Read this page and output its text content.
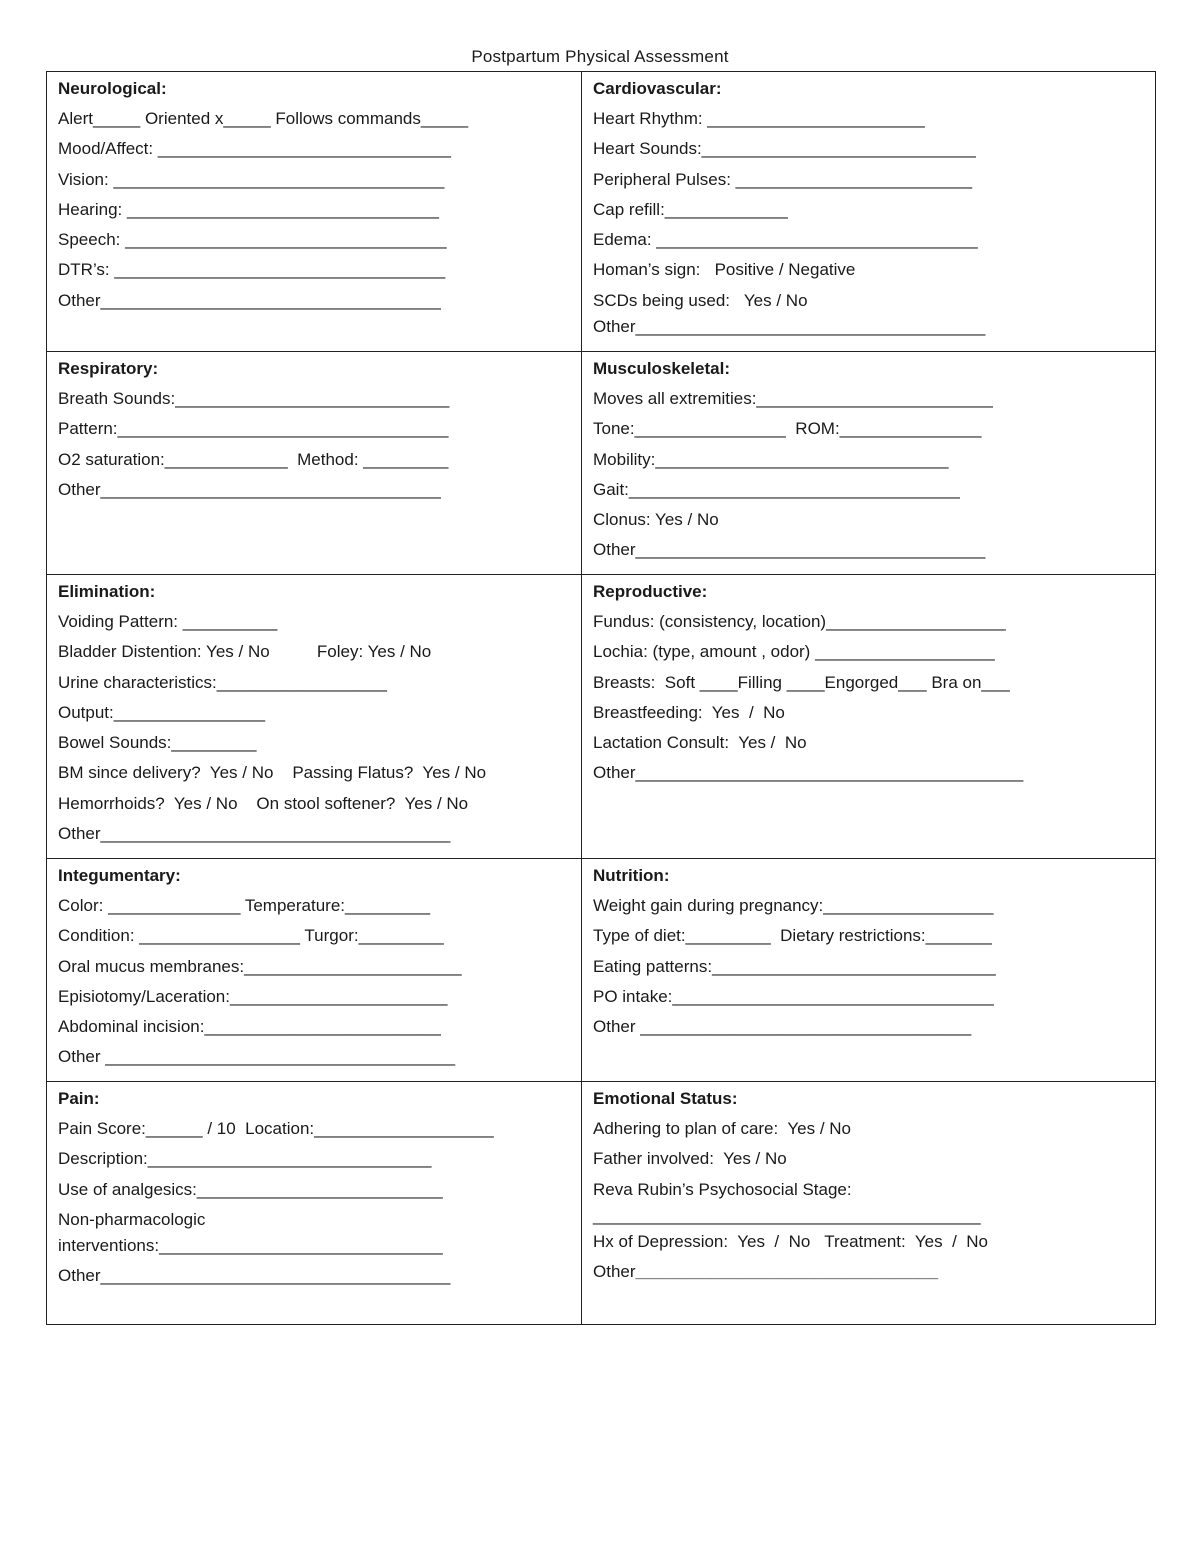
Postpartum Physical Assessment
Neurological:
Alert_____ Oriented x_____ Follows commands_____
Mood/Affect: _______________________________
Vision: ___________________________________
Hearing: _________________________________
Speech: __________________________________
DTR’s: ___________________________________
Other____________________________________
Cardiovascular:
Heart Rhythm: _______________________
Heart Sounds:_____________________________
Peripheral Pulses: _________________________
Cap refill:_____________
Edema: __________________________________
Homan’s sign:   Positive / Negative
SCDs being used:   Yes / No
Other_____________________________________
Respiratory:
Breath Sounds:_____________________________
Pattern:___________________________________
O2 saturation:_____________  Method: _________
Other____________________________________
Musculoskeletal:
Moves all extremities:_________________________
Tone:________________  ROM:_______________
Mobility:_______________________________
Gait:___________________________________
Clonus: Yes / No
Other_____________________________________
Elimination:
Voiding Pattern: __________
Bladder Distention: Yes / No          Foley: Yes / No
Urine characteristics:__________________
Output:________________
Bowel Sounds:_________
BM since delivery?  Yes / No    Passing Flatus?  Yes / No
Hemorrhoids?  Yes / No    On stool softener?  Yes / No
Other_____________________________________
Reproductive:
Fundus: (consistency, location)___________________
Lochia: (type, amount , odor) ___________________
Breasts:  Soft ____Filling ____Engorged___ Bra on___
Breastfeeding:  Yes  /  No
Lactation Consult:  Yes /  No
Other_________________________________________
Integumentary:
Color: ______________ Temperature:_________
Condition: _________________ Turgor:_________
Oral mucus membranes:_______________________
Episiotomy/Laceration:_______________________
Abdominal incision:_________________________
Other _____________________________________
Nutrition:
Weight gain during pregnancy:__________________
Type of diet:_________  Dietary restrictions:_______
Eating patterns:______________________________
PO intake:__________________________________
Other ___________________________________
Pain:
Pain Score:______ / 10  Location:___________________
Description:______________________________
Use of analgesics:__________________________
Non-pharmacologic
interventions:______________________________
Other_____________________________________
Emotional Status:
Adhering to plan of care:  Yes / No
Father involved:  Yes / No
Reva Rubin’s Psychosocial Stage:
_________________________________________
Hx of Depression:  Yes  /  No   Treatment:  Yes  /  No
Other________________________________
